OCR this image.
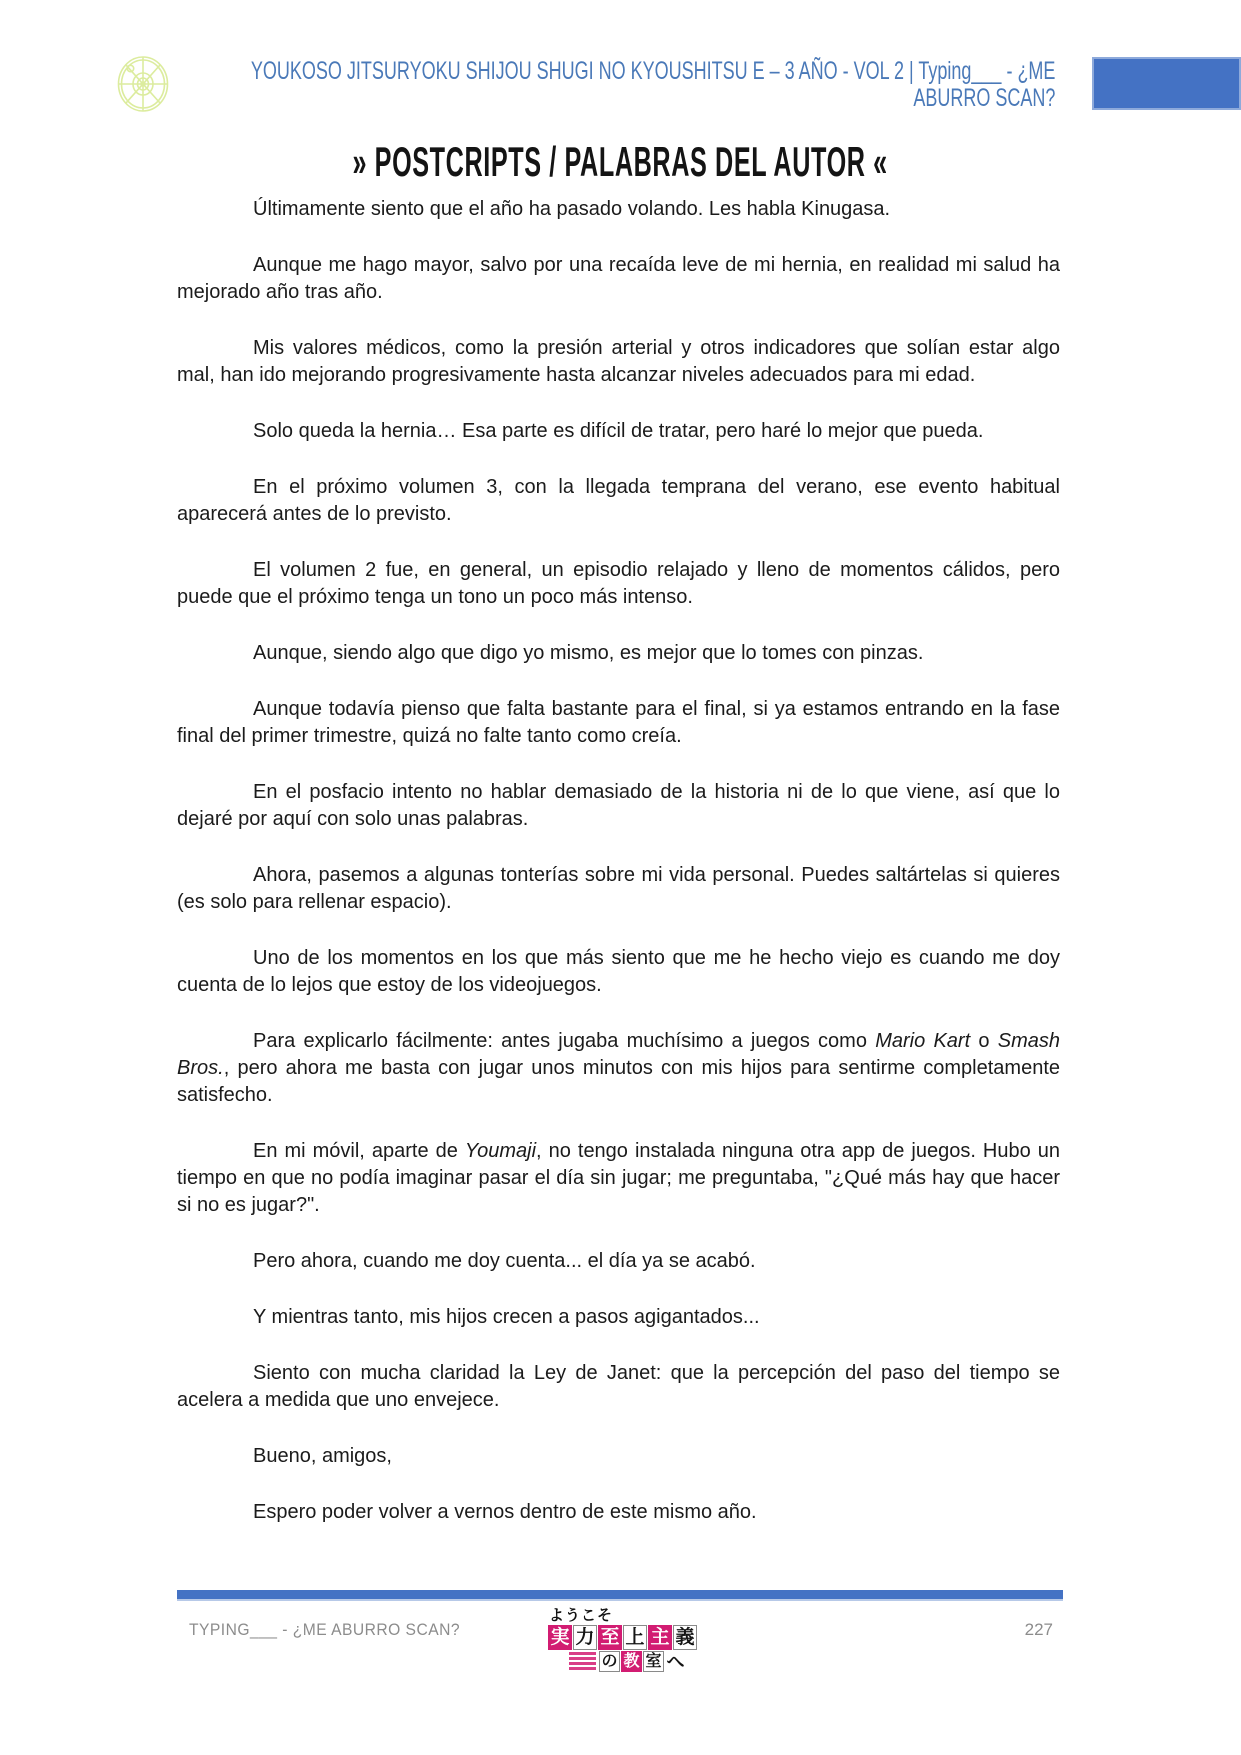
YOUKOSO JITSURYOKU SHIJOU SHUGI NO KYOUSHITSU E – 3 AÑO - VOL 2 | Typing___ - ¿ME
ABURRO SCAN?
» POSTCRIPTS / PALABRAS DEL AUTOR «

Últimamente siento que el año ha pasado volando. Les habla Kinugasa.

Aunque me hago mayor, salvo por una recaída leve de mi hernia, en realidad mi salud ha mejorado año tras año.

Mis valores médicos, como la presión arterial y otros indicadores que solían estar algo mal, han ido mejorando progresivamente hasta alcanzar niveles adecuados para mi edad.

Solo queda la hernia… Esa parte es difícil de tratar, pero haré lo mejor que pueda.

En el próximo volumen 3, con la llegada temprana del verano, ese evento habitual aparecerá antes de lo previsto.

El volumen 2 fue, en general, un episodio relajado y lleno de momentos cálidos, pero puede que el próximo tenga un tono un poco más intenso.

Aunque, siendo algo que digo yo mismo, es mejor que lo tomes con pinzas.

Aunque todavía pienso que falta bastante para el final, si ya estamos entrando en la fase final del primer trimestre, quizá no falte tanto como creía.

En el posfacio intento no hablar demasiado de la historia ni de lo que viene, así que lo dejaré por aquí con solo unas palabras.

Ahora, pasemos a algunas tonterías sobre mi vida personal. Puedes saltártelas si quieres (es solo para rellenar espacio).

Uno de los momentos en los que más siento que me he hecho viejo es cuando me doy cuenta de lo lejos que estoy de los videojuegos.

Para explicarlo fácilmente: antes jugaba muchísimo a juegos como Mario Kart o Smash Bros., pero ahora me basta con jugar unos minutos con mis hijos para sentirme completamente satisfecho.

En mi móvil, aparte de Youmaji, no tengo instalada ninguna otra app de juegos. Hubo un tiempo en que no podía imaginar pasar el día sin jugar; me preguntaba, "¿Qué más hay que hacer si no es jugar?".

Pero ahora, cuando me doy cuenta... el día ya se acabó.

Y mientras tanto, mis hijos crecen a pasos agigantados...

Siento con mucha claridad la Ley de Janet: que la percepción del paso del tiempo se acelera a medida que uno envejece.

Bueno, amigos,

Espero poder volver a vernos dentro de este mismo año.

TYPING___ - ¿ME ABURRO SCAN?
ようこそ
実 力 至 上 主 義
の 教 室 へ
227
